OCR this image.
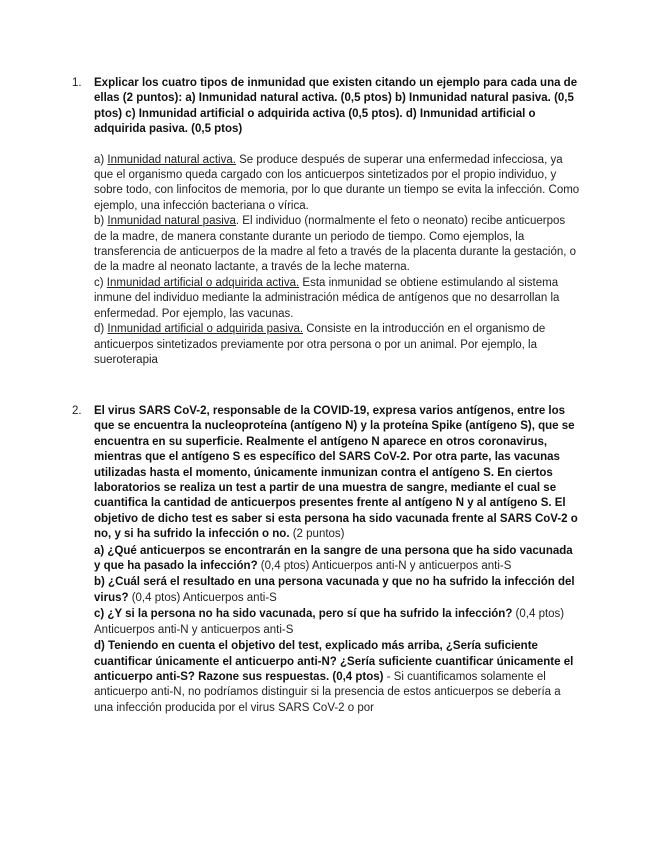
1. Explicar los cuatro tipos de inmunidad que existen citando un ejemplo para cada una de ellas (2 puntos): a) Inmunidad natural activa. (0,5 ptos) b) Inmunidad natural pasiva. (0,5 ptos) c) Inmunidad artificial o adquirida activa (0,5 ptos). d) Inmunidad artificial o adquirida pasiva. (0,5 ptos)

a) Inmunidad natural activa. Se produce después de superar una enfermedad infecciosa, ya que el organismo queda cargado con los anticuerpos sintetizados por el propio individuo, y sobre todo, con linfocitos de memoria, por lo que durante un tiempo se evita la infección. Como ejemplo, una infección bacteriana o vírica.

b) Inmunidad natural pasiva. El individuo (normalmente el feto o neonato) recibe anticuerpos de la madre, de manera constante durante un periodo de tiempo. Como ejemplos, la transferencia de anticuerpos de la madre al feto a través de la placenta durante la gestación, o de la madre al neonato lactante, a través de la leche materna.

c) Inmunidad artificial o adquirida activa. Esta inmunidad se obtiene estimulando al sistema inmune del individuo mediante la administración médica de antígenos que no desarrollan la enfermedad. Por ejemplo, las vacunas.

d) Inmunidad artificial o adquirida pasiva. Consiste en la introducción en el organismo de anticuerpos sintetizados previamente por otra persona o por un animal. Por ejemplo, la sueroterapia

2. El virus SARS CoV-2, responsable de la COVID-19, expresa varios antígenos, entre los que se encuentra la nucleoproteína (antígeno N) y la proteína Spike (antígeno S), que se encuentra en su superficie. Realmente el antígeno N aparece en otros coronavirus, mientras que el antígeno S es específico del SARS CoV-2. Por otra parte, las vacunas utilizadas hasta el momento, únicamente inmunizan contra el antígeno S. En ciertos laboratorios se realiza un test a partir de una muestra de sangre, mediante el cual se cuantifica la cantidad de anticuerpos presentes frente al antígeno N y al antígeno S. El objetivo de dicho test es saber si esta persona ha sido vacunada frente al SARS CoV-2 o no, y si ha sufrido la infección o no. (2 puntos)

a) ¿Qué anticuerpos se encontrarán en la sangre de una persona que ha sido vacunada y que ha pasado la infección? (0,4 ptos) Anticuerpos anti-N y anticuerpos anti-S

b) ¿Cuál será el resultado en una persona vacunada y que no ha sufrido la infección del virus? (0,4 ptos) Anticuerpos anti-S

c) ¿Y si la persona no ha sido vacunada, pero sí que ha sufrido la infección? (0,4 ptos) Anticuerpos anti-N y anticuerpos anti-S

d) Teniendo en cuenta el objetivo del test, explicado más arriba, ¿Sería suficiente cuantificar únicamente el anticuerpo anti-N? ¿Sería suficiente cuantificar únicamente el anticuerpo anti-S? Razone sus respuestas. (0,4 ptos) - Si cuantificamos solamente el anticuerpo anti-N, no podríamos distinguir si la presencia de estos anticuerpos se debería a una infección producida por el virus SARS CoV-2 o por
